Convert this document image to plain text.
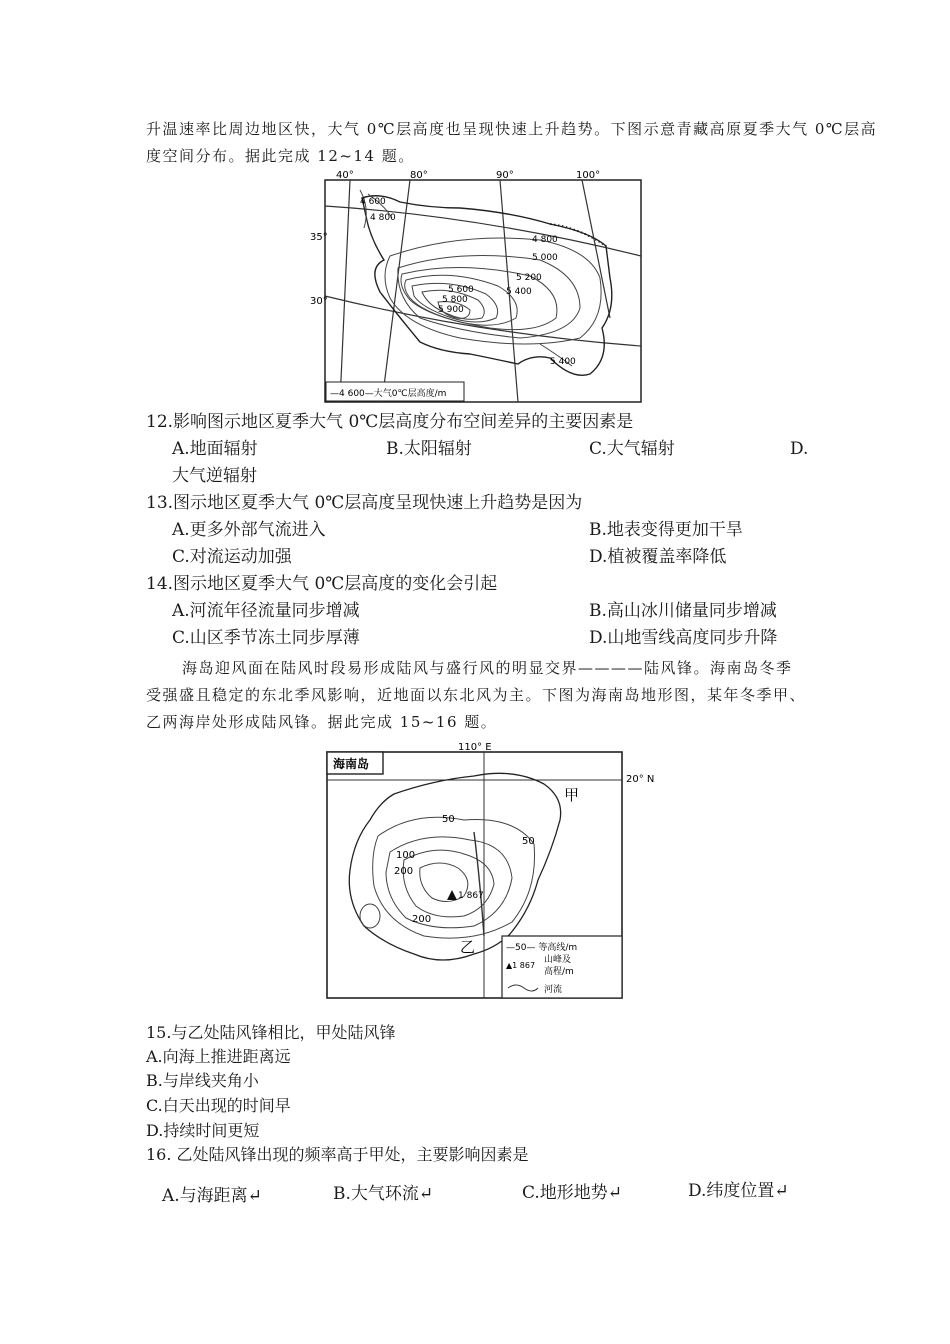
升温速率比周边地区快，大气 0℃层高度也呈现快速上升趋势。下图示意青藏高原夏季大气 0℃层高
度空间分布。据此完成 12~14 题。
40°	80°	90°	100°
35°
30°
4 600
4 800
4 800
5 000
5 200
5 400
5 600
5 800
5 900
5 400
—4 600—大气0℃层高度/m
12.影响图示地区夏季大气 0℃层高度分布空间差异的主要因素是
A.地面辐射	B.太阳辐射	C.大气辐射	D.
大气逆辐射
13.图示地区夏季大气 0℃层高度呈现快速上升趋势是因为
A.更多外部气流进入	B.地表变得更加干旱
C.对流运动加强	D.植被覆盖率降低
14.图示地区夏季大气 0℃层高度的变化会引起
A.河流年径流量同步增减	B.高山冰川储量同步增减
C.山区季节冻土同步厚薄	D.山地雪线高度同步升降
海岛迎风面在陆风时段易形成陆风与盛行风的明显交界————陆风锋。海南岛冬季
受强盛且稳定的东北季风影响，近地面以东北风为主。下图为海南岛地形图，某年冬季甲、
乙两海岸处形成陆风锋。据此完成 15~16 题。
海南岛
110° E
20° N
50
50
100
200
200
1 867
甲
乙	—50— 等高线/m
▲1 867
山峰及
高程/m
河流
15.与乙处陆风锋相比，甲处陆风锋
A.向海上推进距离远
B.与岸线夹角小
C.白天出现的时间早
D.持续时间更短
16. 乙处陆风锋出现的频率高于甲处，主要影响因素是
A.与海距离↵	B.大气环流↵	C.地形地势↵	D.纬度位置↵
